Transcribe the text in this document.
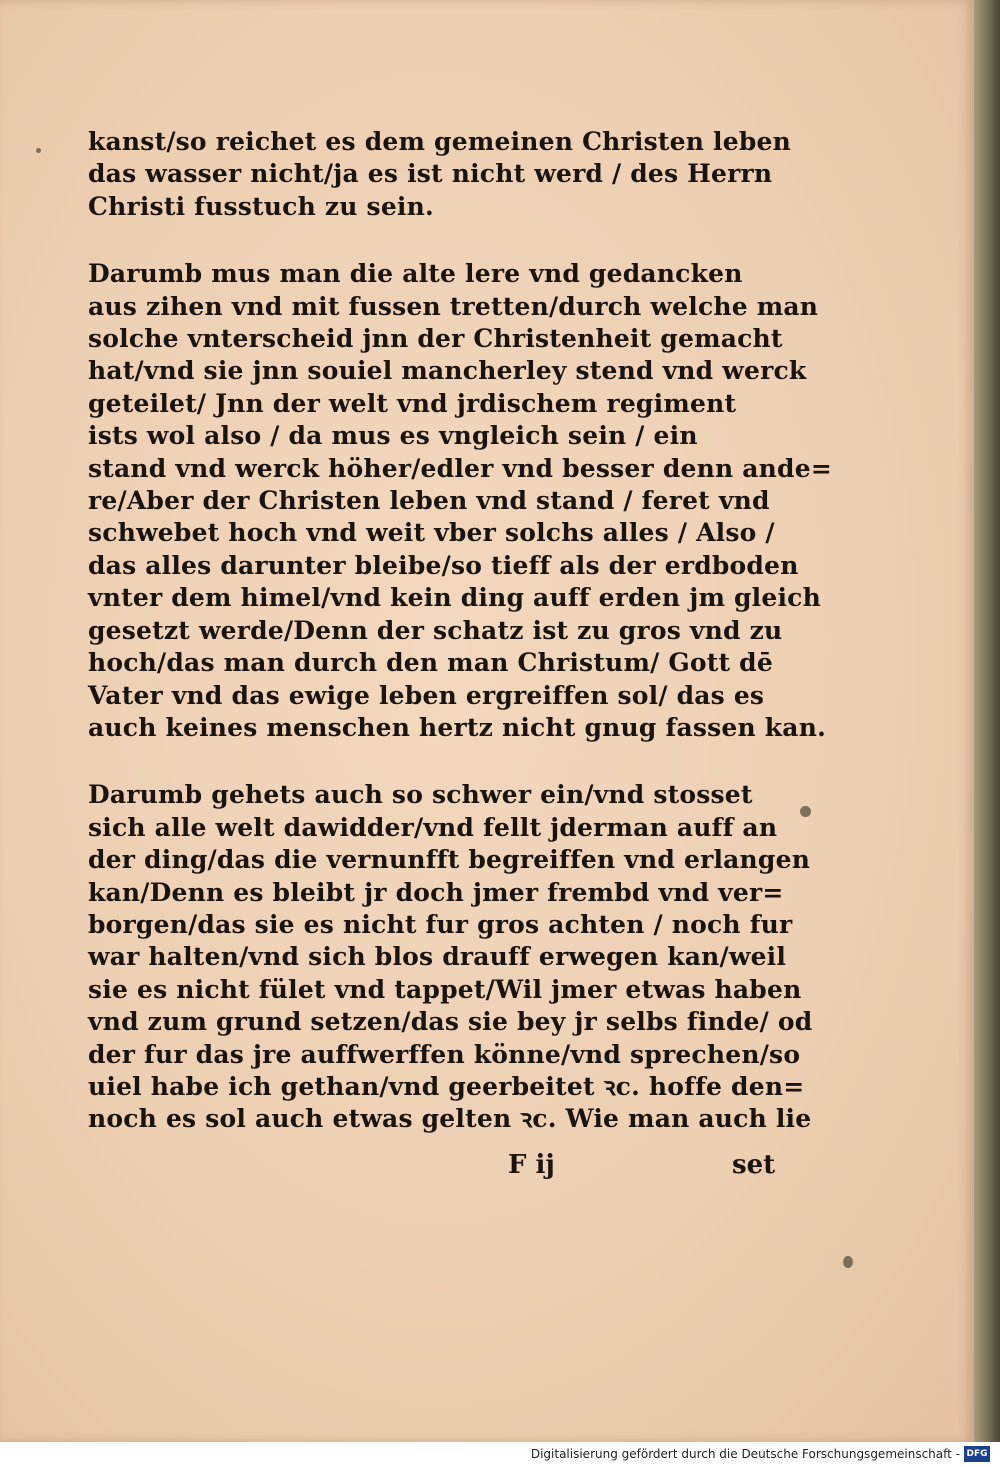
kanst/so reichet es dem gemeinen Christen leben
das wasser nicht/ja es ist nicht werd / des Herrn
Christi fusstuch zu sein.

Darumb mus man die alte lere vnd gedancken
aus zihen vnd mit fussen tretten/durch welche man
solche vnterscheid jnn der Christenheit gemacht
hat/vnd sie jnn souiel mancherley stend vnd werck
geteilet/ Jnn der welt vnd jrdischem regiment
ists wol also / da mus es vngleich sein / ein
stand vnd werck höher/edler vnd besser denn ande=
re/Aber der Christen leben vnd stand / feret vnd
schwebet hoch vnd weit vber solchs alles / Also /
das alles darunter bleibe/so tieff als der erdboden
vnter dem himel/vnd kein ding auff erden jm gleich
gesetzt werde/Denn der schatz ist zu gros vnd zu
hoch/das man durch den man Christum/ Gott dē
Vater vnd das ewige leben ergreiffen sol/ das es
auch keines menschen hertz nicht gnug fassen kan.

Darumb gehets auch so schwer ein/vnd stosset
sich alle welt dawidder/vnd fellt jderman auff an
der ding/das die vernunfft begreiffen vnd erlangen
kan/Denn es bleibt jr doch jmer frembd vnd ver=
borgen/das sie es nicht fur gros achten / noch fur
war halten/vnd sich blos drauff erwegen kan/weil
sie es nicht fület vnd tappet/Wil jmer etwas haben
vnd zum grund setzen/das sie bey jr selbs finde/ od
der fur das jre auffwerffen könne/vnd sprechen/so
uiel habe ich gethan/vnd geerbeitet ꝛc. hoffe den=
noch es sol auch etwas gelten ꝛc. Wie man auch lie

F ij	set
Digitalisierung gefördert durch die Deutsche Forschungsgemeinschaft - DFG
